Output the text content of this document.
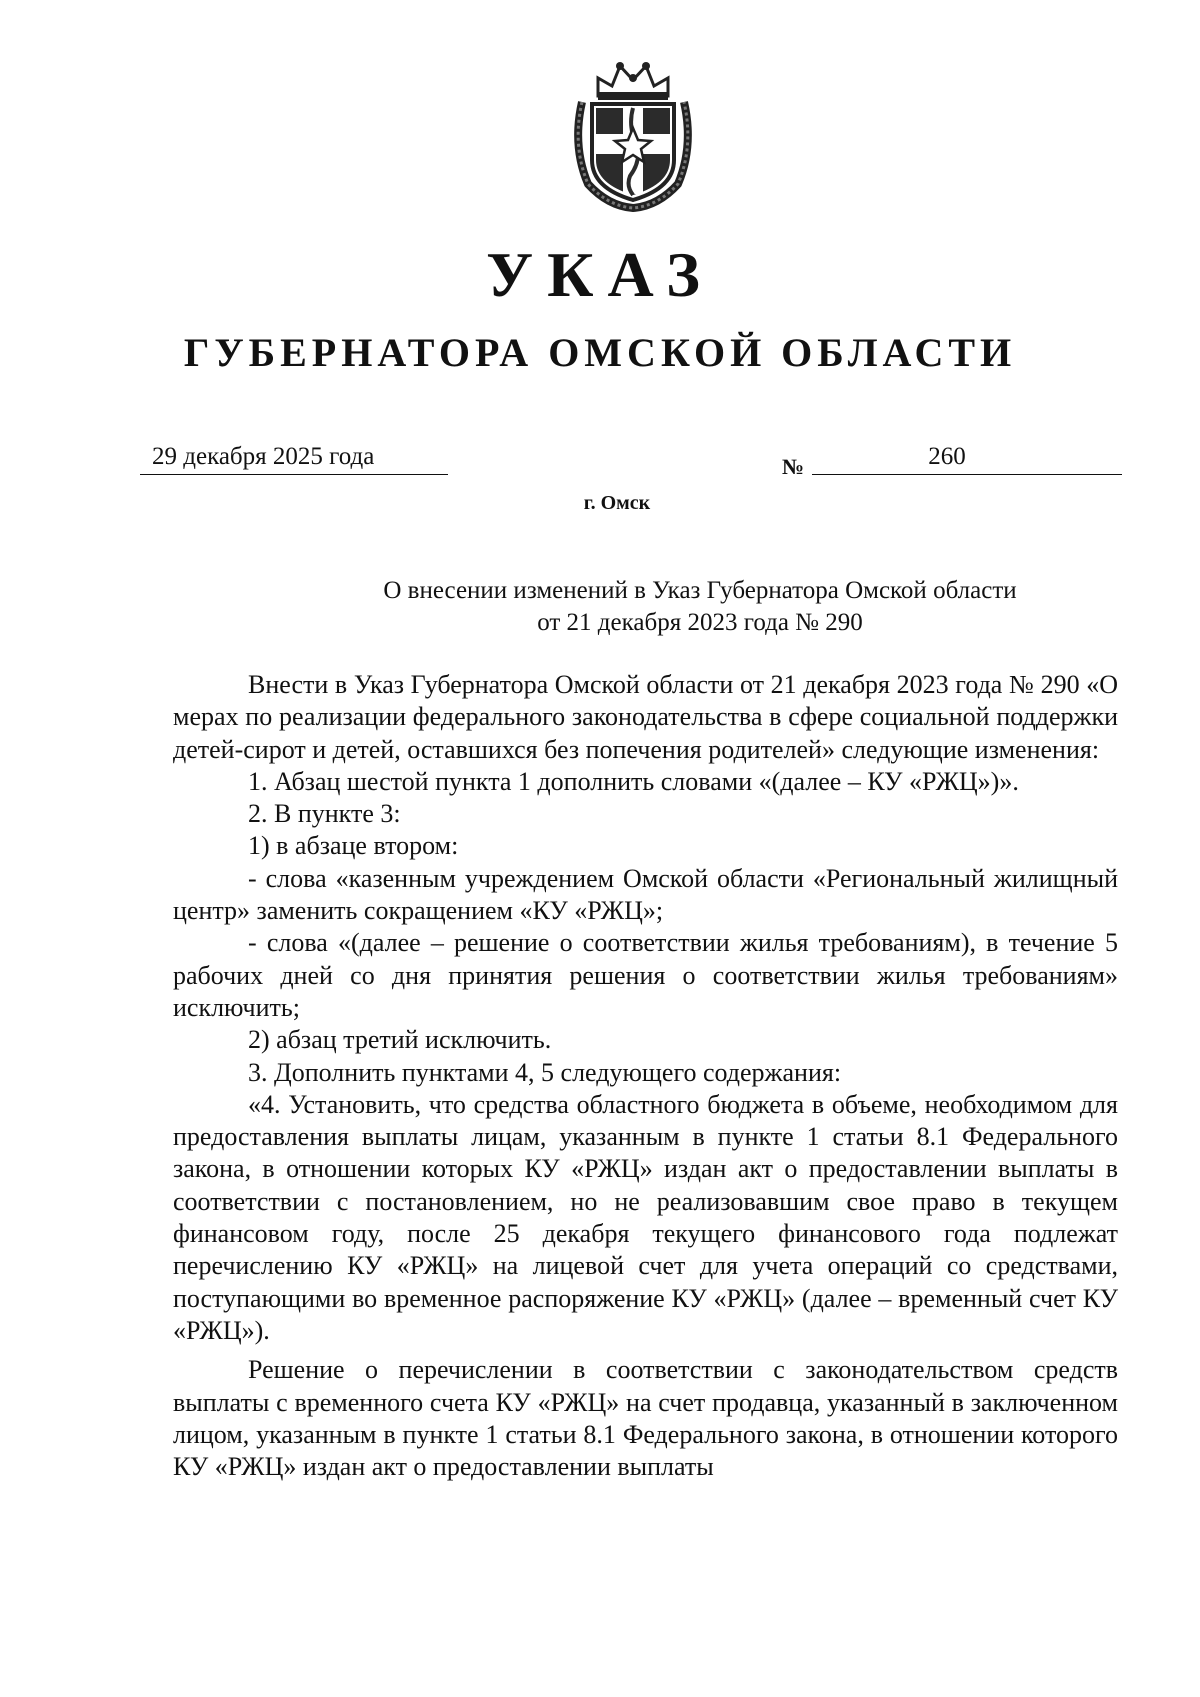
УКАЗ
ГУБЕРНАТОРА ОМСКОЙ ОБЛАСТИ
29 декабря 2025 года	№	260
г. Омск
О внесении изменений в Указ Губернатора Омской области
от 21 декабря 2023 года № 290

Внести в Указ Губернатора Омской области от 21 декабря 2023 года № 290 «О мерах по реализации федерального законодательства в сфере социальной поддержки детей-сирот и детей, оставшихся без попечения родителей» следующие изменения:

1. Абзац шестой пункта 1 дополнить словами «(далее – КУ «РЖЦ»)».

2. В пункте 3:

1) в абзаце втором:

- слова «казенным учреждением Омской области «Региональный жилищный центр» заменить сокращением «КУ «РЖЦ»;

- слова «(далее – решение о соответствии жилья требованиям), в течение 5 рабочих дней со дня принятия решения о соответствии жилья требованиям» исключить;

2) абзац третий исключить.

3. Дополнить пунктами 4, 5 следующего содержания:

«4. Установить, что средства областного бюджета в объеме, необходимом для предоставления выплаты лицам, указанным в пункте 1 статьи 8.1 Федерального закона, в отношении которых КУ «РЖЦ» издан акт о предоставлении выплаты в соответствии с постановлением, но не реализовавшим свое право в текущем финансовом году, после 25 декабря текущего финансового года подлежат перечислению КУ «РЖЦ» на лицевой счет для учета операций со средствами, поступающими во временное распоряжение КУ «РЖЦ» (далее – временный счет КУ «РЖЦ»).

Решение о перечислении в соответствии с законодательством средств выплаты с временного счета КУ «РЖЦ» на счет продавца, указанный в заключенном лицом, указанным в пункте 1 статьи 8.1 Федерального закона, в отношении которого КУ «РЖЦ» издан акт о предоставлении выплаты
